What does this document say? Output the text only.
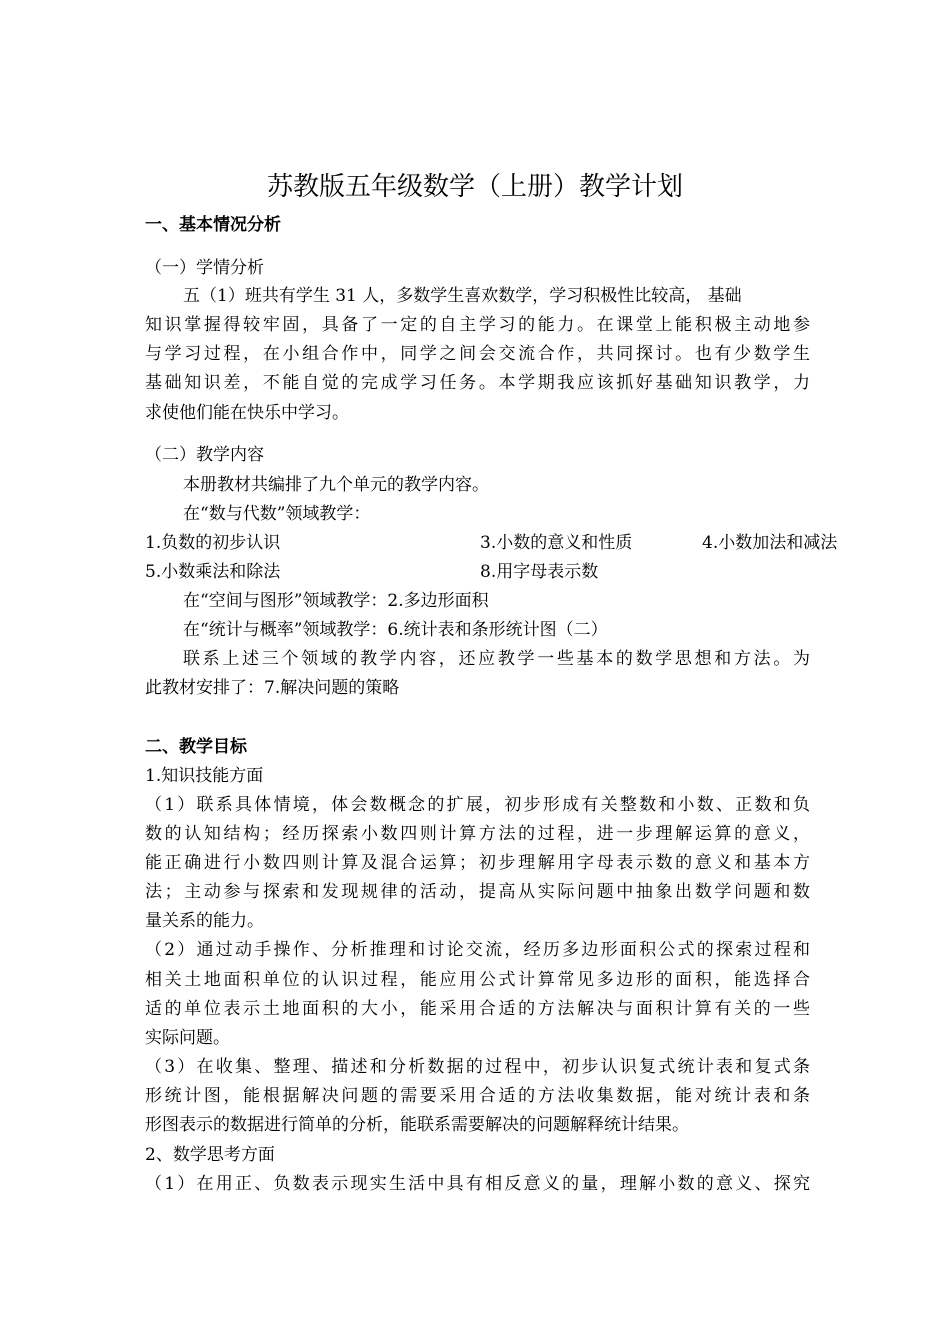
苏教版五年级数学（上册）教学计划
一、基本情况分析
（一）学情分析
五（1）班共有学生 31 人，多数学生喜欢数学，学习积极性比较高， 基础
知识掌握得较牢固，具备了一定的自主学习的能力。在课堂上能积极主动地参
与学习过程，在小组合作中，同学之间会交流合作，共同探讨。也有少数学生
基础知识差，不能自觉的完成学习任务。本学期我应该抓好基础知识教学，力
求使他们能在快乐中学习。
（二）教学内容
本册教材共编排了九个单元的教学内容。
在“数与代数”领域教学：
1.负数的初步认识	3.小数的意义和性质	4.小数加法和减法
5.小数乘法和除法	8.用字母表示数
在“空间与图形”领域教学：2.多边形面积
在“统计与概率”领域教学：6.统计表和条形统计图（二）
联系上述三个领域的教学内容，还应教学一些基本的数学思想和方法。为
此教材安排了：7.解决问题的策略
二、教学目标
1.知识技能方面
（1）联系具体情境，体会数概念的扩展，初步形成有关整数和小数、正数和负
数的认知结构；经历探索小数四则计算方法的过程，进一步理解运算的意义，
能正确进行小数四则计算及混合运算；初步理解用字母表示数的意义和基本方
法；主动参与探索和发现规律的活动，提高从实际问题中抽象出数学问题和数
量关系的能力。
（2）通过动手操作、分析推理和讨论交流，经历多边形面积公式的探索过程和
相关土地面积单位的认识过程，能应用公式计算常见多边形的面积，能选择合
适的单位表示土地面积的大小，能采用合适的方法解决与面积计算有关的一些
实际问题。
（3）在收集、整理、描述和分析数据的过程中，初步认识复式统计表和复式条
形统计图，能根据解决问题的需要采用合适的方法收集数据，能对统计表和条
形图表示的数据进行简单的分析，能联系需要解决的问题解释统计结果。
2、数学思考方面
（1）在用正、负数表示现实生活中具有相反意义的量，理解小数的意义、探究
